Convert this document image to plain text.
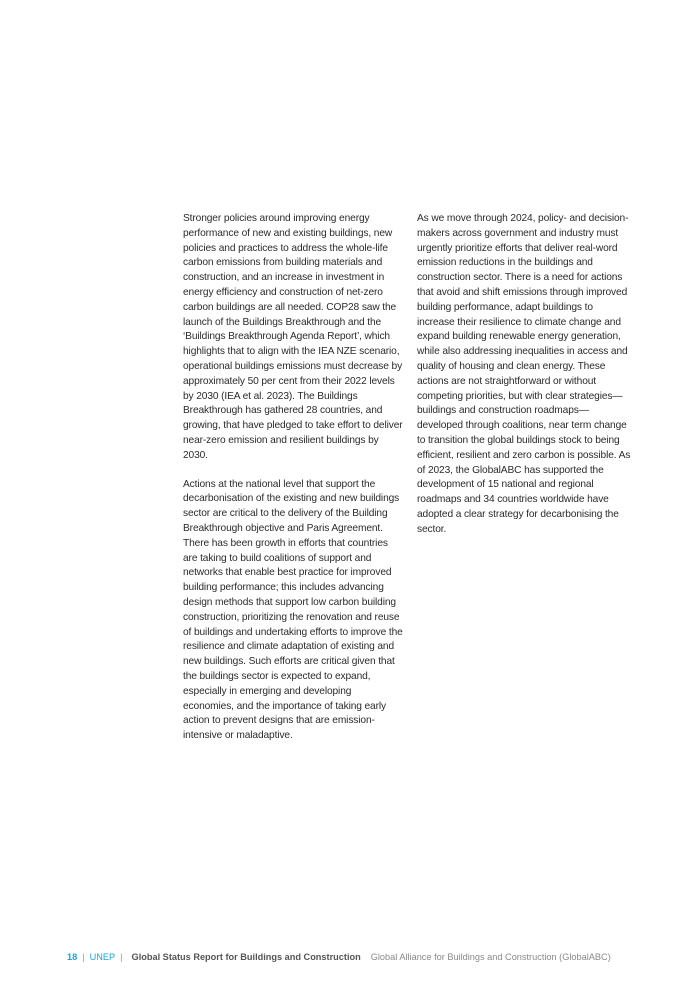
Stronger policies around improving energy performance of new and existing buildings, new policies and practices to address the whole-life carbon emissions from building materials and construction, and an increase in investment in energy efficiency and construction of net-zero carbon buildings are all needed. COP28 saw the launch of the Buildings Breakthrough and the ‘Buildings Breakthrough Agenda Report’, which highlights that to align with the IEA NZE scenario, operational buildings emissions must decrease by approximately 50 per cent from their 2022 levels by 2030 (IEA et al. 2023). The Buildings Breakthrough has gathered 28 countries, and growing, that have pledged to take effort to deliver near-zero emission and resilient buildings by 2030.

Actions at the national level that support the decarbonisation of the existing and new buildings sector are critical to the delivery of the Building Breakthrough objective and Paris Agreement. There has been growth in efforts that countries are taking to build coalitions of support and networks that enable best practice for improved building performance; this includes advancing design methods that support low carbon building construction, prioritizing the renovation and reuse of buildings and undertaking efforts to improve the resilience and climate adaptation of existing and new buildings. Such efforts are critical given that the buildings sector is expected to expand, especially in emerging and developing economies, and the importance of taking early action to prevent designs that are emission-intensive or maladaptive.

As we move through 2024, policy- and decision-makers across government and industry must urgently prioritize efforts that deliver real-word emission reductions in the buildings and construction sector. There is a need for actions that avoid and shift emissions through improved building performance, adapt buildings to increase their resilience to climate change and expand building renewable energy generation, while also addressing inequalities in access and quality of housing and clean energy. These actions are not straightforward or without competing priorities, but with clear strategies—buildings and construction roadmaps—developed through coalitions, near term change to transition the global buildings stock to being efficient, resilient and zero carbon is possible. As of 2023, the GlobalABC has supported the development of 15 national and regional roadmaps and 34 countries worldwide have adopted a clear strategy for decarbonising the sector.

18 | UNEP | Global Status Report for Buildings and Construction Global Alliance for Buildings and Construction (GlobalABC)
